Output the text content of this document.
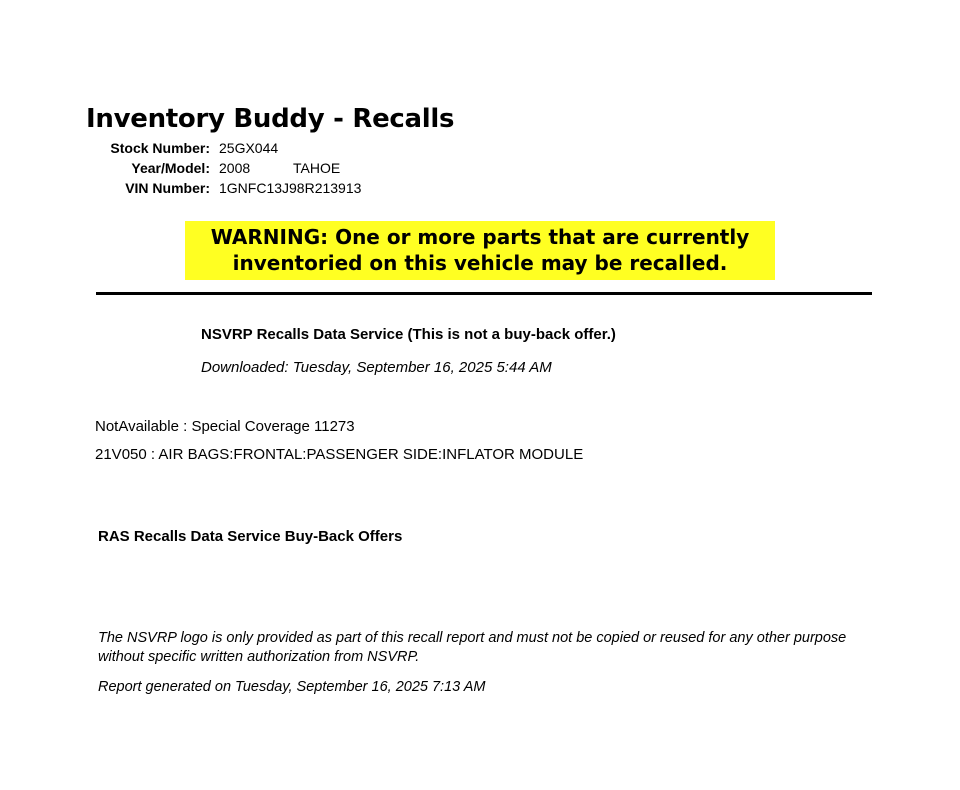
Inventory Buddy - Recalls
Stock Number: 25GX044
Year/Model: 2008	TAHOE
VIN Number: 1GNFC13J98R213913
WARNING: One or more parts that are currently
inventoried on this vehicle may be recalled.
NSVRP Recalls Data Service (This is not a buy-back offer.)
Downloaded: Tuesday, September 16, 2025 5:44 AM
NotAvailable : Special Coverage 11273
21V050 : AIR BAGS:FRONTAL:PASSENGER SIDE:INFLATOR MODULE
RAS Recalls Data Service Buy-Back Offers
The NSVRP logo is only provided as part of this recall report and must not be copied or reused for any other purpose without specific written authorization from NSVRP.
Report generated on Tuesday, September 16, 2025 7:13 AM
